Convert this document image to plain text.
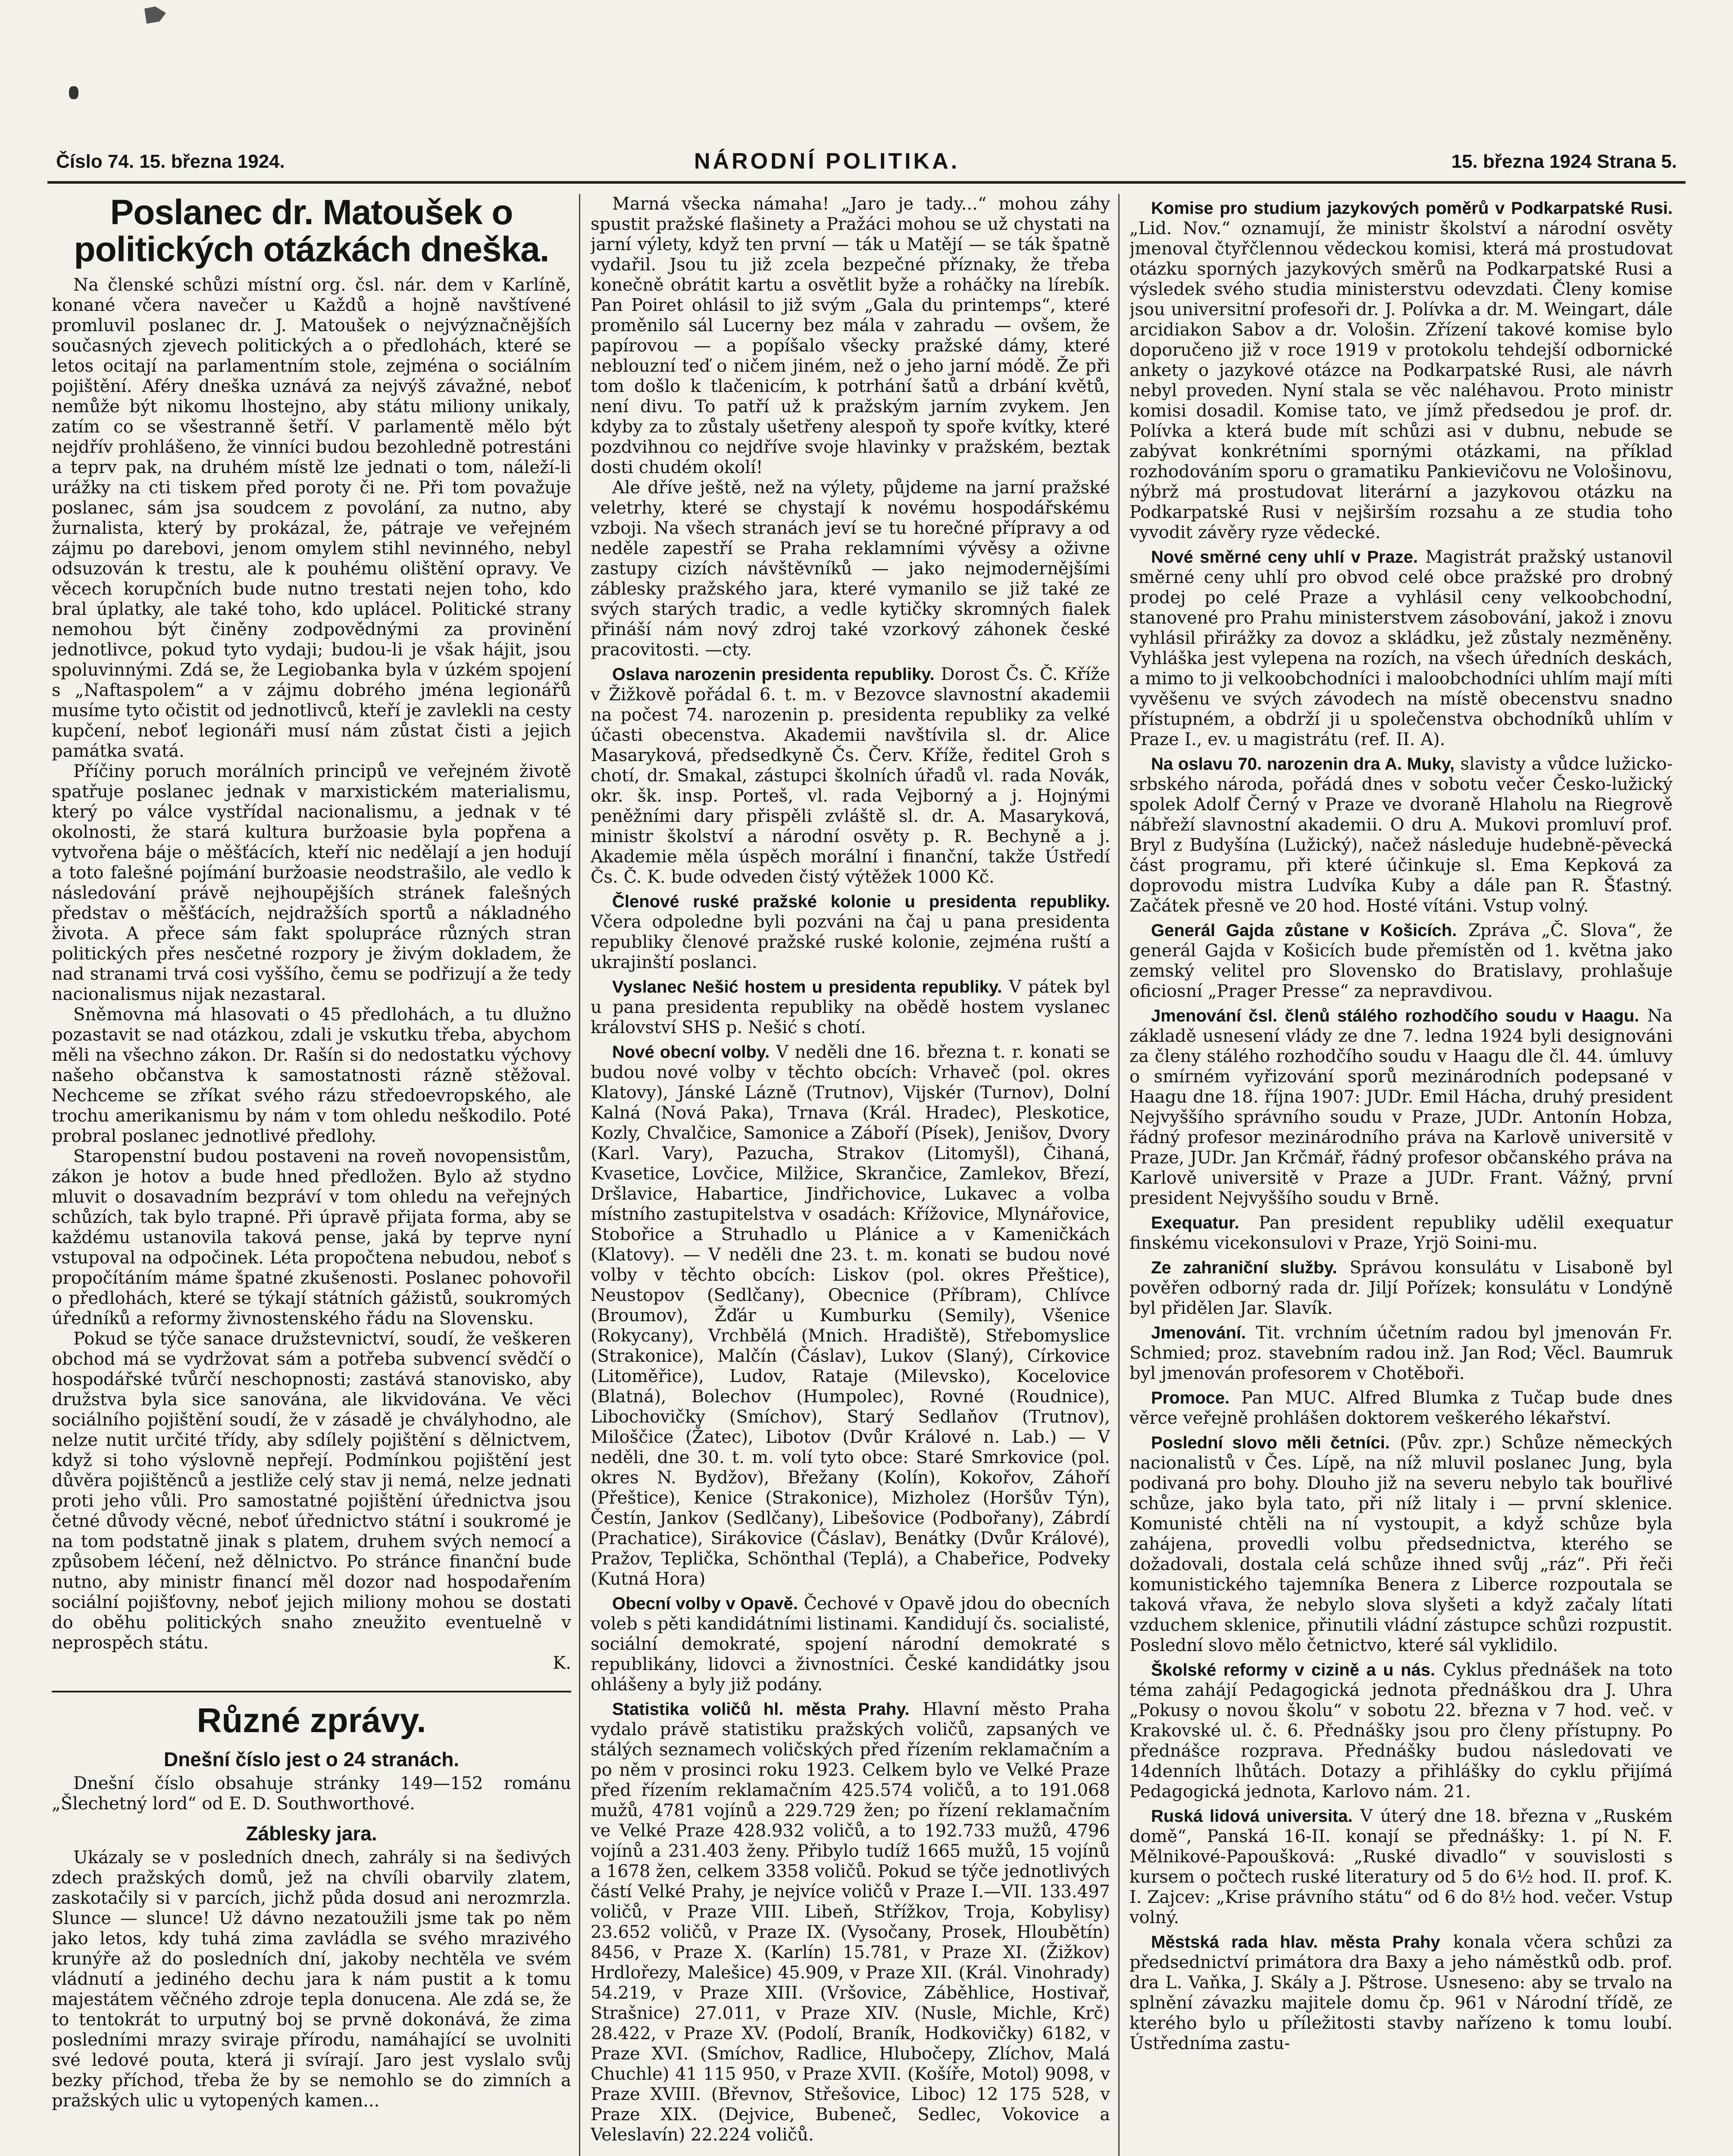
Číslo 74. 15. března 1924.	NÁRODNÍ POLITIKA.	15. března 1924 Strana 5.
Poslanec dr. Matoušek o politických otázkách dneška.

Na členské schůzi místní org. čsl. nár. dem v Karlíně, konané včera navečer u Každů a hojně navštívené promluvil poslanec dr. J. Matoušek o nejvýznačnějších současných zjevech politických a o předlohách, které se letos ocitají na parlamentním stole, zejména o sociálním pojištění. Aféry dneška uznává za nejvýš závažné, neboť nemůže být nikomu lhostejno, aby státu miliony unikaly, zatím co se všestranně šetří. V parlamentě mělo být nejdřív prohlášeno, že vinníci budou bezohledně potrestáni a teprv pak, na druhém místě lze jednati o tom, náleží-li urážky na cti tiskem před poroty či ne. Při tom považuje poslanec, sám jsa soudcem z povolání, za nutno, aby žurnalista, který by prokázal, že, pátraje ve veřejném zájmu po darebovi, jenom omylem stihl nevinného, nebyl odsuzován k trestu, ale k pouhému olištění opravy. Ve věcech korupčních bude nutno trestati nejen toho, kdo bral úplatky, ale také toho, kdo uplácel. Politické strany nemohou být činěny zodpovědnými za provinění jednotlivce, pokud tyto vydaji; budou-li je však hájit, jsou spoluvinnými. Zdá se, že Legiobanka byla v úzkém spojení s „Naftaspolem“ a v zájmu dobrého jména legionářů musíme tyto očistit od jednotlivců, kteří je zavlekli na cesty kupčení, neboť legionáři musí nám zůstat čisti a jejich památka svatá.

Příčiny poruch morálních principů ve veřejném životě spatřuje poslanec jednak v marxistickém materialismu, který po válce vystřídal nacionalismu, a jednak v té okolnosti, že stará kultura buržoasie byla popřena a vytvořena báje o měšťácích, kteří nic nedělají a jen hodují a toto falešné pojímání buržoasie neodstrašilo, ale vedlo k následování právě nejhoupějších stránek falešných představ o měšťácích, nejdražších sportů a nákladného života. A přece sám fakt spolupráce různých stran politických přes nesčetné rozpory je živým dokladem, že nad stranami trvá cosi vyššího, čemu se podřizují a že tedy nacionalismus nijak nezastaral.

Sněmovna má hlasovati o 45 předlohách, a tu dlužno pozastavit se nad otázkou, zdali je vskutku třeba, abychom měli na všechno zákon. Dr. Rašín si do nedostatku výchovy našeho občanstva k samostatnosti rázně stěžoval. Nechceme se zříkat svého rázu středoevropského, ale trochu amerikanismu by nám v tom ohledu neškodilo. Poté probral poslanec jednotlivé předlohy.

Staropenstní budou postaveni na roveň novopensistům, zákon je hotov a bude hned předložen. Bylo až stydno mluvit o dosavadním bezpráví v tom ohledu na veřejných schůzích, tak bylo trapné. Při úpravě přijata forma, aby se každému ustanovila taková pense, jaká by teprve nyní vstupoval na odpočinek. Léta propočtena nebudou, neboť s propočítáním máme špatné zkušenosti. Poslanec pohovořil o předlohách, které se týkají státních gážistů, soukromých úředníků a reformy živnostenského řádu na Slovensku.

Pokud se týče sanace družstevnictví, soudí, že veškeren obchod má se vydržovat sám a potřeba subvencí svědčí o hospodářské tvůrčí neschopnosti; zastává stanovisko, aby družstva byla sice sanována, ale likvidována. Ve věci sociálního pojištění soudí, že v zásadě je chvályhodno, ale nelze nutit určité třídy, aby sdílely pojištění s dělnictvem, když si toho výslovně nepřejí. Podmínkou pojištění jest důvěra pojištěnců a jestliže celý stav ji nemá, nelze jednati proti jeho vůli. Pro samostatné pojištění úřednictva jsou četné důvody věcné, neboť úřednictvo státní i soukromé je na tom podstatně jinak s platem, druhem svých nemocí a způsobem léčení, než dělnictvo. Po stránce finanční bude nutno, aby ministr financí měl dozor nad hospodařením sociální pojišťovny, neboť jejich miliony mohou se dostati do oběhu politických snaho zneužito eventuelně v neprospěch státu.

K.

Různé zprávy.
Dnešní číslo jest o 24 stranách.

Dnešní číslo obsahuje stránky 149—152 románu „Šlechetný lord“ od E. D. Southworthové.

Záblesky jara.

Ukázaly se v posledních dnech, zahrály si na šedivých zdech pražských domů, jež na chvíli obarvily zlatem, zaskotačily si v parcích, jichž půda dosud ani nerozmrzla. Slunce — slunce! Už dávno nezatoužili jsme tak po něm jako letos, kdy tuhá zima zavládla se svého mrazivého krunýře až do posledních dní, jakoby nechtěla ve svém vládnutí a jediného dechu jara k nám pustit a k tomu majestátem věčného zdroje tepla donucena. Ale zdá se, že to tentokrát to urputný boj se prvně dokonává, že zima posledními mrazy sviraje přírodu, namáhající se uvolniti své ledové pouta, která ji svírají. Jaro jest vyslalo svůj bezky příchod, třeba že by se nemohlo se do zimních a pražských ulic u vytopených kamen...

Marná všecka námaha! „Jaro je tady...“ mohou záhy spustit pražské flašinety a Pražáci mohou se už chystati na jarní výlety, když ten první — ták u Matějí — se ták špatně vydařil. Jsou tu již zcela bezpečné příznaky, že třeba konečně obrátit kartu a osvětlit byže a roháčky na lírebík. Pan Poiret ohlásil to již svým „Gala du printemps“, které proměnilo sál Lucerny bez mála v zahradu — ovšem, že papírovou — a popíšalo všecky pražské dámy, které neblouzní teď o ničem jiném, než o jeho jarní módě. Že při tom došlo k tlačenicím, k potrhání šatů a drbání květů, není divu. To patří už k pražským jarním zvykem. Jen kdyby za to zůstaly ušetřeny alespoň ty spoře kvítky, které pozdvihnou co nejdříve svoje hlavinky v pražském, beztak dosti chudém okolí!

Ale dříve ještě, než na výlety, půjdeme na jarní pražské veletrhy, které se chystají k novému hospodářskému vzboji. Na všech stranách jeví se tu horečné přípravy a od neděle zapestří se Praha reklamními vývěsy a oživne zastupy cizích návštěvníků — jako nejmodernějšími záblesky pražského jara, které vymanilo se již také ze svých starých tradic, a vedle kytičky skromných fialek přináší nám nový zdroj také vzorkový záhonek české pracovitosti. —cty.

Oslava narozenin presidenta republiky. Dorost Čs. Č. Kříže v Žižkově pořádal 6. t. m. v Bezovce slavnostní akademii na počest 74. narozenin p. presidenta republiky za velké účasti obecenstva. Akademii navštívila sl. dr. Alice Masaryková, předsedkyně Čs. Červ. Kříže, ředitel Groh s chotí, dr. Smakal, zástupci školních úřadů vl. rada Novák, okr. šk. insp. Porteš, vl. rada Vejborný a j. Hojnými peněžními dary přispěli zvláště sl. dr. A. Masaryková, ministr školství a národní osvěty p. R. Bechyně a j. Akademie měla úspěch morální i finanční, takže Ústředí Čs. Č. K. bude odveden čistý výtěžek 1000 Kč.

Členové ruské pražské kolonie u presidenta republiky. Včera odpoledne byli pozváni na čaj u pana presidenta republiky členové pražské ruské kolonie, zejména ruští a ukrajinští poslanci.

Vyslanec Nešić hostem u presidenta republiky. V pátek byl u pana presidenta republiky na obědě hostem vyslanec království SHS p. Nešić s chotí.

Nové obecní volby. V neděli dne 16. března t. r. konati se budou nové volby v těchto obcích: Vrhaveč (pol. okres Klatovy), Jánské Lázně (Trutnov), Vijskér (Turnov), Dolní Kalná (Nová Paka), Trnava (Král. Hradec), Pleskotice, Kozly, Chvalčice, Samonice a Záboří (Písek), Jenišov, Dvory (Karl. Vary), Pazucha, Strakov (Litomyšl), Čihaná, Kvasetice, Lovčice, Milžice, Skrančice, Zamlekov, Březí, Dršlavice, Habartice, Jindřichovice, Lukavec a volba místního zastupitelstva v osadách: Křížovice, Mlynářovice, Stobořice a Struhadlo u Plánice a v Kameničkách (Klatovy). — V neděli dne 23. t. m. konati se budou nové volby v těchto obcích: Liskov (pol. okres Přeštice), Neustopov (Sedlčany), Obecnice (Příbram), Chlívce (Broumov), Žďár u Kumburku (Semily), Všenice (Rokycany), Vrchbělá (Mnich. Hradiště), Střebomyslice (Strakonice), Malčín (Čáslav), Lukov (Slaný), Církovice (Litoměřice), Ludov, Rataje (Milevsko), Kocelovice (Blatná), Bolechov (Humpolec), Rovné (Roudnice), Libochovičky (Smíchov), Starý Sedlaňov (Trutnov), Miloščice (Žatec), Libotov (Dvůr Králové n. Lab.) — V neděli, dne 30. t. m. volí tyto obce: Staré Smrkovice (pol. okres N. Bydžov), Břežany (Kolín), Kokořov, Záhoří (Přeštice), Kenice (Strakonice), Mizholez (Horšův Týn), Čestín, Jankov (Sedlčany), Libešovice (Podbořany), Zábrdí (Prachatice), Sirákovice (Čáslav), Benátky (Dvůr Králové), Pražov, Teplička, Schönthal (Teplá), a Chabeřice, Podveky (Kutná Hora)

Obecní volby v Opavě. Čechové v Opavě jdou do obecních voleb s pěti kandidátními listinami. Kandidují čs. socialisté, sociální demokraté, spojení národní demokraté s republikány, lidovci a živnostníci. České kandidátky jsou ohlášeny a byly již podány.

Statistika voličů hl. města Prahy. Hlavní město Praha vydalo právě statistiku pražských voličů, zapsaných ve stálých seznamech voličských před řízením reklamačním a po něm v prosinci roku 1923. Celkem bylo ve Velké Praze před řízením reklamačním 425.574 voličů, a to 191.068 mužů, 4781 vojínů a 229.729 žen; po řízení reklamačním ve Velké Praze 428.932 voličů, a to 192.733 mužů, 4796 vojínů a 231.403 ženy. Přibylo tudíž 1665 mužů, 15 vojínů a 1678 žen, celkem 3358 voličů. Pokud se týče jednotlivých částí Velké Prahy, je nejvíce voličů v Praze I.—VII. 133.497 voličů, v Praze VIII. Libeň, Střížkov, Troja, Kobylisy) 23.652 voličů, v Praze IX. (Vysočany, Prosek, Hloubětín) 8456, v Praze X. (Karlín) 15.781, v Praze XI. (Žižkov) Hrdlořezy, Malešice) 45.909, v Praze XII. (Král. Vinohrady) 54.219, v Praze XIII. (Vršovice, Záběhlice, Hostivař, Strašnice) 27.011, v Praze XIV. (Nusle, Michle, Krč) 28.422, v Praze XV. (Podolí, Braník, Hodkovičky) 6182, v Praze XVI. (Smíchov, Radlice, Hlubočepy, Zlíchov, Malá Chuchle) 41 115 950, v Praze XVII. (Košíře, Motol) 9098, v Praze XVIII. (Břevnov, Střešovice, Liboc) 12 175 528, v Praze XIX. (Dejvice, Bubeneč, Sedlec, Vokovice a Veleslavín) 22.224 voličů.

Komise pro studium jazykových poměrů v Podkarpatské Rusi. „Lid. Nov.“ oznamují, že ministr školství a národní osvěty jmenoval čtyřčlennou vědeckou komisi, která má prostudovat otázku sporných jazykových směrů na Podkarpatské Rusi a výsledek svého studia ministerstvu odevzdati. Členy komise jsou universitní profesoři dr. J. Polívka a dr. M. Weingart, dále arcidiakon Sabov a dr. Vološin. Zřízení takové komise bylo doporučeno již v roce 1919 v protokolu tehdejší odbornické ankety o jazykové otázce na Podkarpatské Rusi, ale návrh nebyl proveden. Nyní stala se věc naléhavou. Proto ministr komisi dosadil. Komise tato, ve jímž předsedou je prof. dr. Polívka a která bude mít schůzi asi v dubnu, nebude se zabývat konkrétními spornými otázkami, na příklad rozhodováním sporu o gramatiku Pankievičovu ne Vološinovu, nýbrž má prostudovat literární a jazykovou otázku na Podkarpatské Rusi v nejširším rozsahu a ze studia toho vyvodit závěry ryze vědecké.

Nové směrné ceny uhlí v Praze. Magistrát pražský ustanovil směrné ceny uhlí pro obvod celé obce pražské pro drobný prodej po celé Praze a vyhlásil ceny velkoobchodní, stanovené pro Prahu ministerstvem zásobování, jakož i znovu vyhlásil přirážky za dovoz a skládku, jež zůstaly nezměněny. Vyhláška jest vylepena na rozích, na všech úředních deskách, a mimo to ji velkoobchodníci i maloobchodníci uhlím mají míti vyvěšenu ve svých závodech na místě obecenstvu snadno přístupném, a obdrží ji u společenstva obchodníků uhlím v Praze I., ev. u magistrátu (ref. II. A).

Na oslavu 70. narozenin dra A. Muky, slavisty a vůdce lužicko-srbského národa, pořádá dnes v sobotu večer Česko-lužický spolek Adolf Černý v Praze ve dvoraně Hlaholu na Riegrově nábřeží slavnostní akademii. O dru A. Mukovi promluví prof. Bryl z Budyšína (Lužický), načež následuje hudebně-pěvecká část programu, při které účinkuje sl. Ema Kepková za doprovodu mistra Ludvíka Kuby a dále pan R. Šťastný. Začátek přesně ve 20 hod. Hosté vítáni. Vstup volný.

Generál Gajda zůstane v Košicích. Zpráva „Č. Slova“, že generál Gajda v Košicích bude přemístěn od 1. května jako zemský velitel pro Slovensko do Bratislavy, prohlašuje oficiosní „Prager Presse“ za nepravdivou.

Jmenování čsl. členů stálého rozhodčího soudu v Haagu. Na základě usnesení vlády ze dne 7. ledna 1924 byli designováni za členy stálého rozhodčího soudu v Haagu dle čl. 44. úmluvy o smírném vyřizování sporů mezinárodních podepsané v Haagu dne 18. října 1907: JUDr. Emil Hácha, druhý president Nejvyššího správního soudu v Praze, JUDr. Antonín Hobza, řádný profesor mezinárodního práva na Karlově universitě v Praze, JUDr. Jan Krčmář, řádný profesor občanského práva na Karlově universitě v Praze a JUDr. Frant. Vážný, první president Nejvyššího soudu v Brně.

Exequatur. Pan president republiky udělil exequatur finskému vicekonsulovi v Praze, Yrjö Soini-mu.

Ze zahraniční služby. Správou konsulátu v Lisaboně byl pověřen odborný rada dr. Jiljí Pořízek; konsulátu v Londýně byl přidělen Jar. Slavík.

Jmenování. Tit. vrchním účetním radou byl jmenován Fr. Schmied; proz. stavebním radou inž. Jan Rod; Věcl. Baumruk byl jmenován profesorem v Chotěboři.

Promoce. Pan MUC. Alfred Blumka z Tučap bude dnes věrce veřejně prohlášen doktorem veškerého lékařství.

Poslední slovo měli četníci. (Pův. zpr.) Schůze německých nacionalistů v Čes. Lípě, na níž mluvil poslanec Jung, byla podivaná pro bohy. Dlouho již na severu nebylo tak bouřlivé schůze, jako byla tato, při níž litaly i — první sklenice. Komunisté chtěli na ní vystoupit, a když schůze byla zahájena, provedli volbu předsednictva, kterého se dožadovali, dostala celá schůze ihned svůj „ráz“. Při řeči komunistického tajemníka Benera z Liberce rozpoutala se taková vřava, že nebylo slova slyšeti a když začaly lítati vzduchem sklenice, přinutili vládní zástupce schůzi rozpustit. Poslední slovo mělo četnictvo, které sál vyklidilo.

Školské reformy v cizině a u nás. Cyklus přednášek na toto téma zahájí Pedagogická jednota přednáškou dra J. Uhra „Pokusy o novou školu“ v sobotu 22. března v 7 hod. več. v Krakovské ul. č. 6. Přednášky jsou pro členy přístupny. Po přednášce rozprava. Přednášky budou následovati ve 14denních lhůtách. Dotazy a přihlášky do cyklu přijímá Pedagogická jednota, Karlovo nám. 21.

Ruská lidová universita. V úterý dne 18. března v „Ruském domě“, Panská 16-II. konají se přednášky: 1. pí N. F. Mělnikové-Papoušková: „Ruské divadlo“ v souvislosti s kursem o počtech ruské literatury od 5 do 6½ hod. II. prof. K. I. Zajcev: „Krise právního státu“ od 6 do 8½ hod. večer. Vstup volný.

Městská rada hlav. města Prahy konala včera schůzi za předsednictví primátora dra Baxy a jeho náměstků odb. prof. dra L. Vaňka, J. Skály a J. Pštrose. Usneseno: aby se trvalo na splnění závazku majitele domu čp. 961 v Národní třídě, ze kterého bylo u příležitosti stavby nařízeno k tomu loubí. Ústředníma zastu-
